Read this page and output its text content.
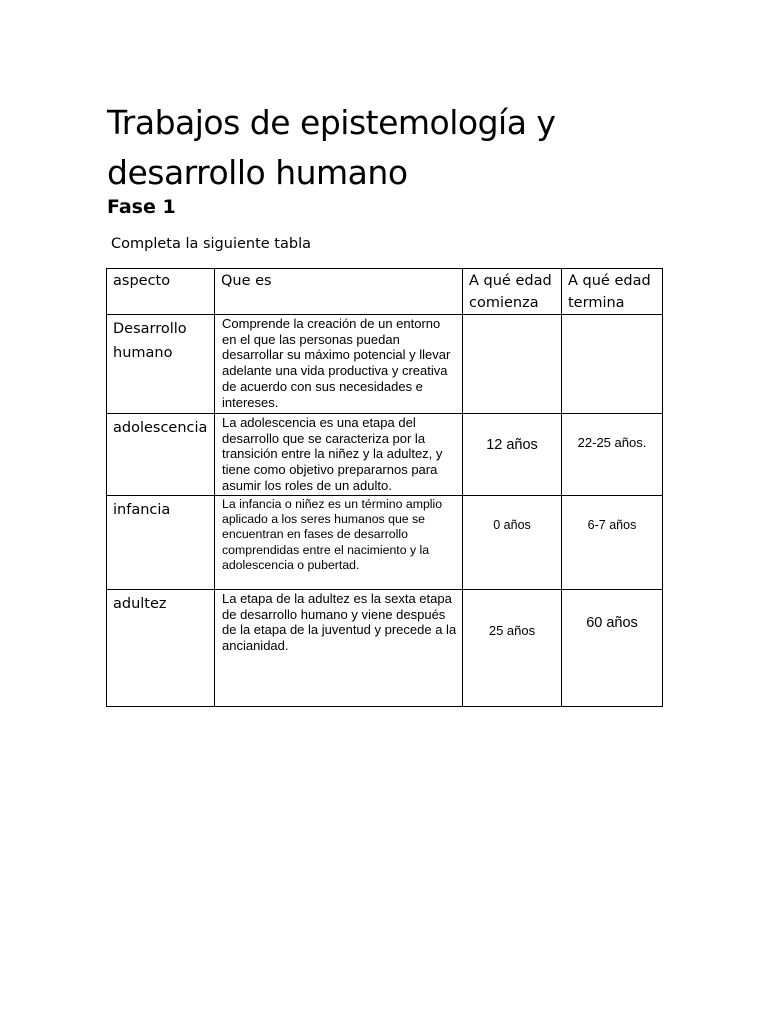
Trabajos de epistemología y desarrollo humano
Fase 1

Completa la siguiente tabla

aspecto	Que es	A qué edad comienza	A qué edad termina
Desarrollo humano	Comprende la creación de un entorno en el que las personas puedan desarrollar su máximo potencial y llevar adelante una vida productiva y creativa de acuerdo con sus necesidades e intereses.		
adolescencia	La adolescencia es una etapa del desarrollo que se caracteriza por la transición entre la niñez y la adultez, y tiene como objetivo prepararnos para asumir los roles de un adulto.	12 años	22-25 años.
infancia	La infancia o niñez es un término amplio aplicado a los seres humanos que se encuentran en fases de desarrollo comprendidas entre el nacimiento y la adolescencia o pubertad.	0 años	6-7 años
adultez	La etapa de la adultez es la sexta etapa de desarrollo humano y viene después de la etapa de la juventud y precede a la ancianidad.	25 años	60 años
